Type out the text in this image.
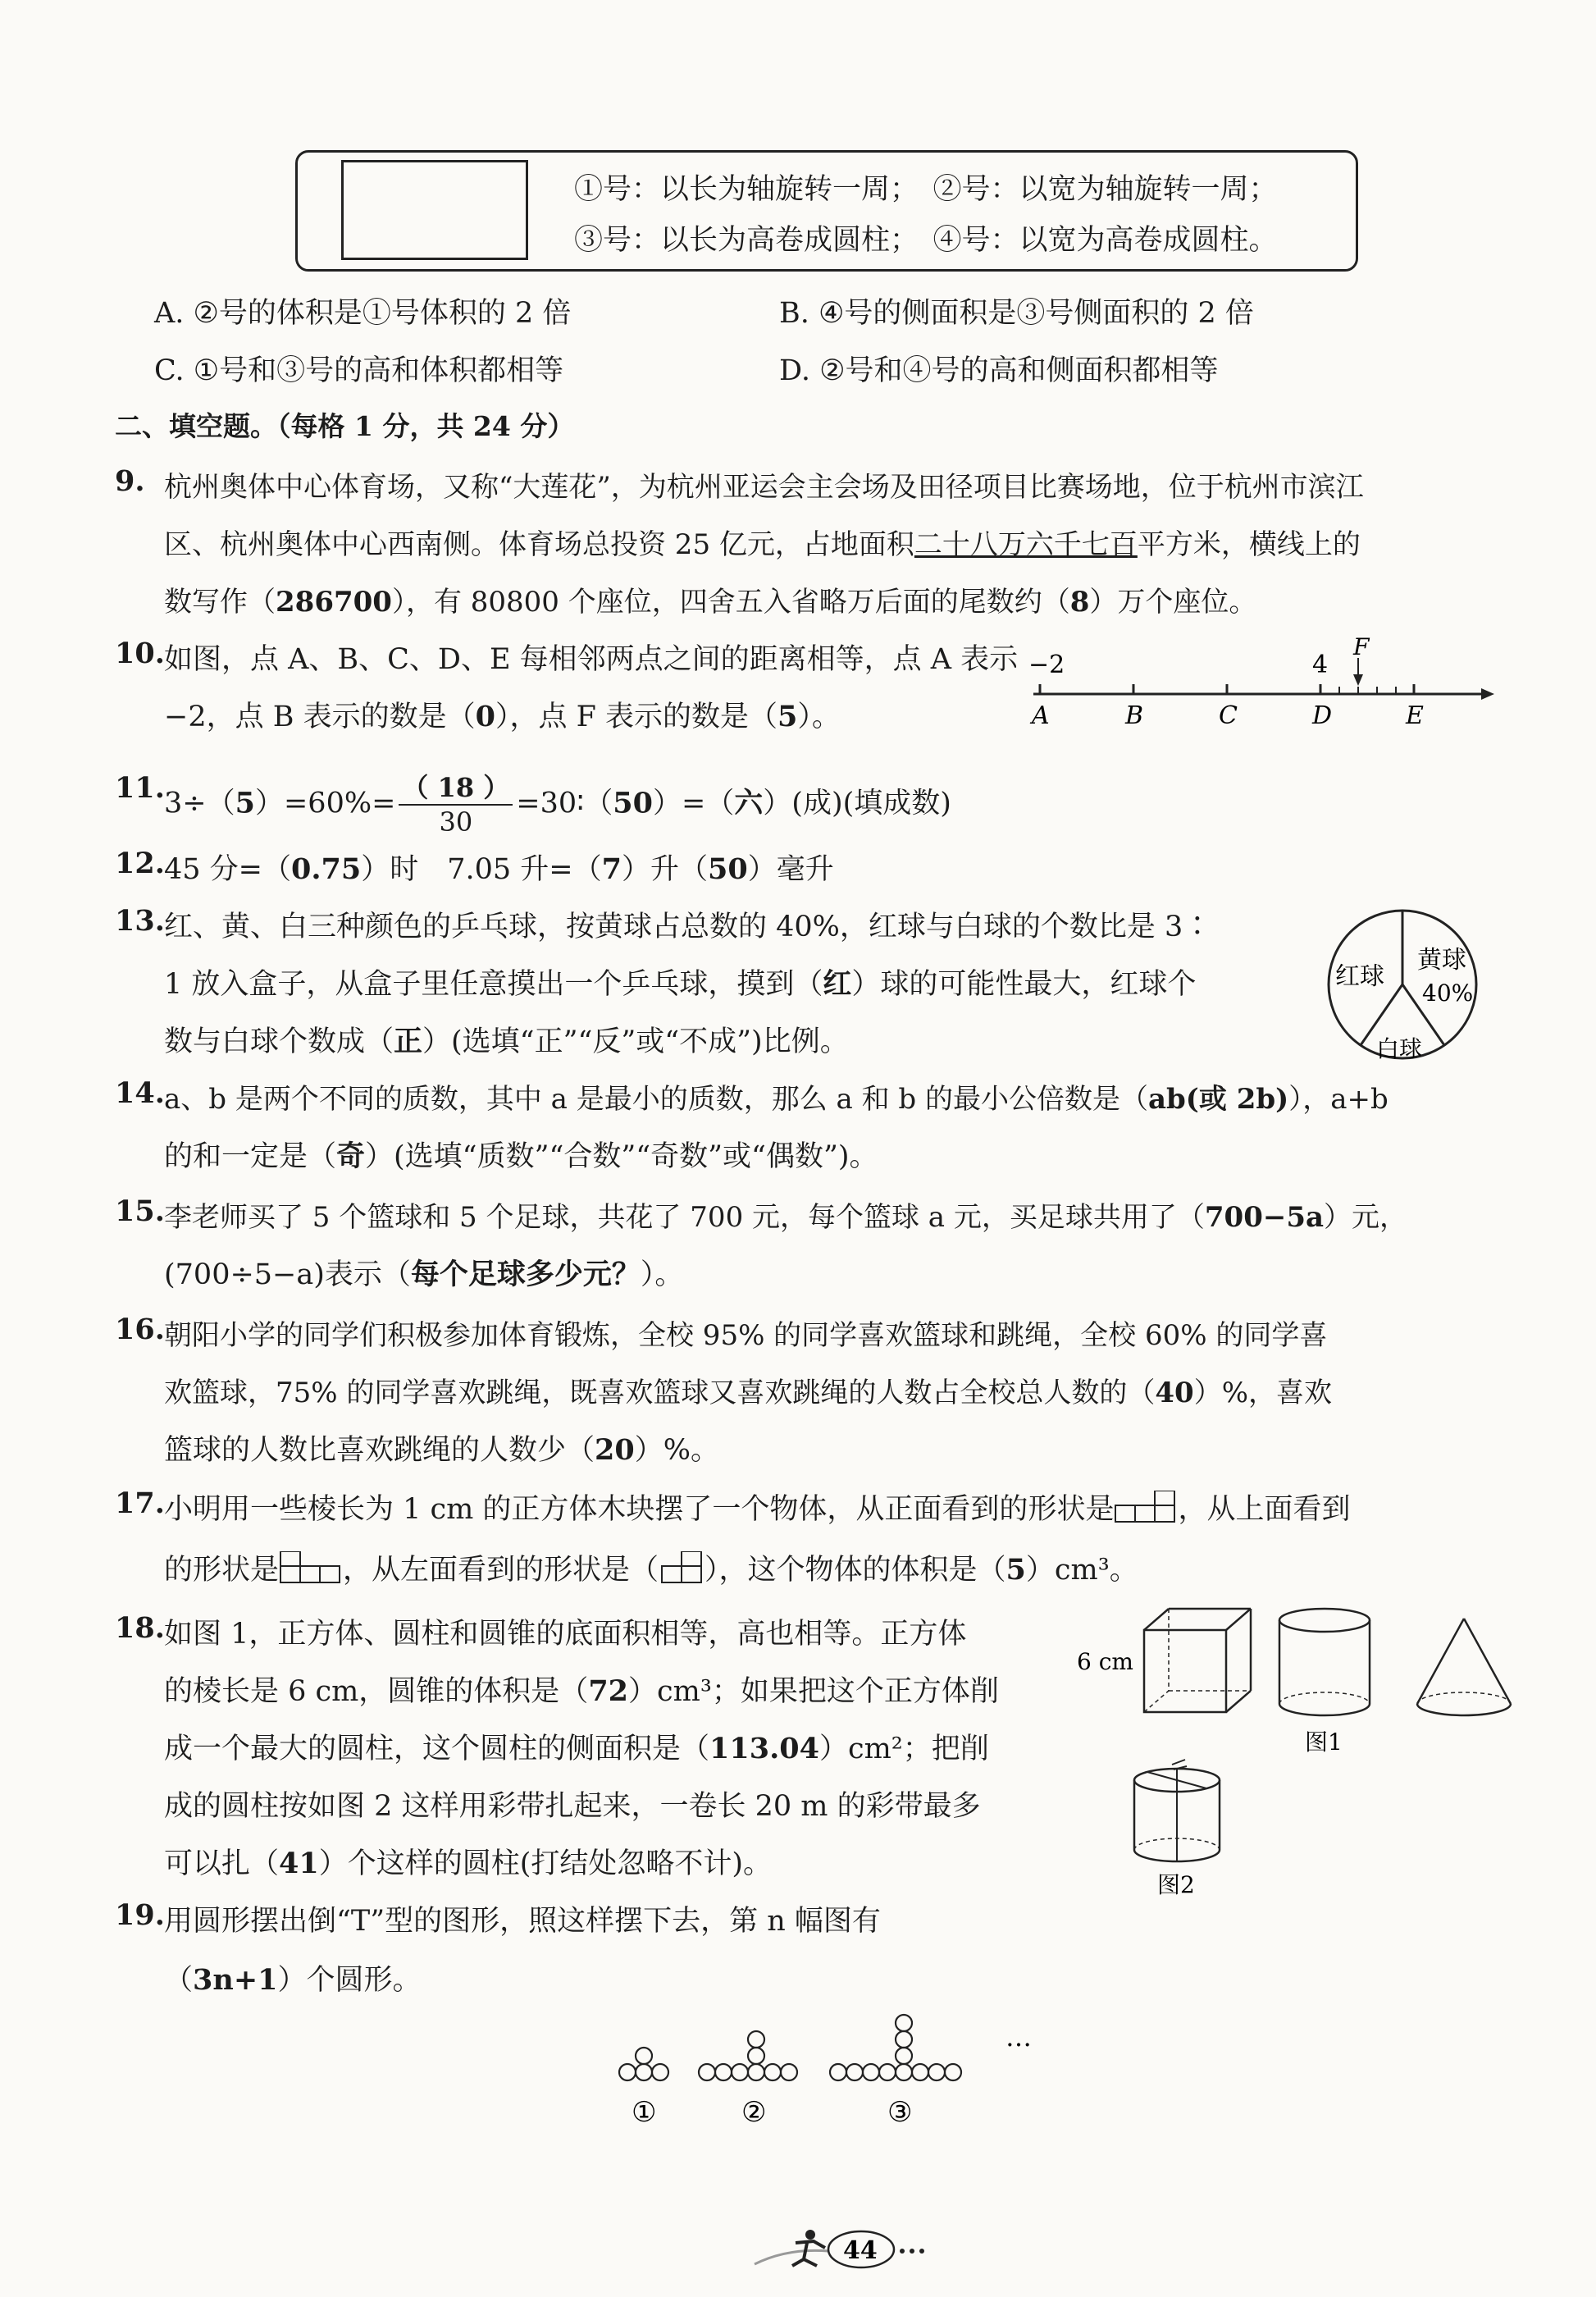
①号：以长为轴旋转一周；　②号：以宽为轴旋转一周；
③号：以长为高卷成圆柱；　④号：以宽为高卷成圆柱。
A. ②号的体积是①号体积的 2 倍	B. ④号的侧面积是③号侧面积的 2 倍
C. ①号和③号的高和体积都相等	D. ②号和④号的高和侧面积都相等
二、填空题。（每格 1 分，共 24 分）
9. 杭州奥体中心体育场，又称“大莲花”，为杭州亚运会主会场及田径项目比赛场地，位于杭州市滨江
区、杭州奥体中心西南侧。体育场总投资 25 亿元，占地面积二十八万六千七百平方米，横线上的
数写作（286700），有 80800 个座位，四舍五入省略万后面的尾数约（8）万个座位。
10. 如图，点 A、B、C、D、E 每相邻两点之间的距离相等，点 A 表示
−2，点 B 表示的数是（0），点 F 表示的数是（5）。
−2	4
F
A	B	C	D	E
11. $3\div(5)=60\%= \frac{( 18 )}{30}$ =30∶（50）=（六）(成)(填成数)
12. 45 分=（0.75）时　7.05 升=（7）升（50）毫升
13. 红、黄、白三种颜色的乒乓球，按黄球占总数的 40%，红球与白球的个数比是 3∶
1 放入盒子，从盒子里任意摸出一个乒乓球，摸到（红）球的可能性最大，红球个
数与白球个数成（正）(选填“正”“反”或“不成”)比例。
红球
黄球
40%
白球
14. a、b 是两个不同的质数，其中 a 是最小的质数，那么 a 和 b 的最小公倍数是（ab(或 2b)），a+b
的和一定是（奇）(选填“质数”“合数”“奇数”或“偶数”)。
15. 李老师买了 5 个篮球和 5 个足球，共花了 700 元，每个篮球 a 元，买足球共用了（700−5a）元，
(700÷5−a)表示（每个足球多少元？）。
16. 朝阳小学的同学们积极参加体育锻炼，全校 95% 的同学喜欢篮球和跳绳，全校 60% 的同学喜
欢篮球，75% 的同学喜欢跳绳，既喜欢篮球又喜欢跳绳的人数占全校总人数的（40）%，喜欢
篮球的人数比喜欢跳绳的人数少（20）%。
17. 小明用一些棱长为 1 cm 的正方体木块摆了一个物体，从正面看到的形状是 ，从上面看到
的形状是 ，从左面看到的形状是（ ），这个物体的体积是（5）cm³。
18. 如图 1，正方体、圆柱和圆锥的底面积相等，高也相等。正方体
的棱长是 6 cm，圆锥的体积是（72）cm³；如果把这个正方体削
成一个最大的圆柱，这个圆柱的侧面积是（113.04）cm²；把削
成的圆柱按如图 2 这样用彩带扎起来，一卷长 20 m 的彩带最多
可以扎（41）个这样的圆柱(打结处忽略不计)。
6 cm
图1
图2
19. 用圆形摆出倒“T”型的图形，照这样摆下去，第 n 幅图有
（3n+1）个圆形。
①	②	③
…
44
